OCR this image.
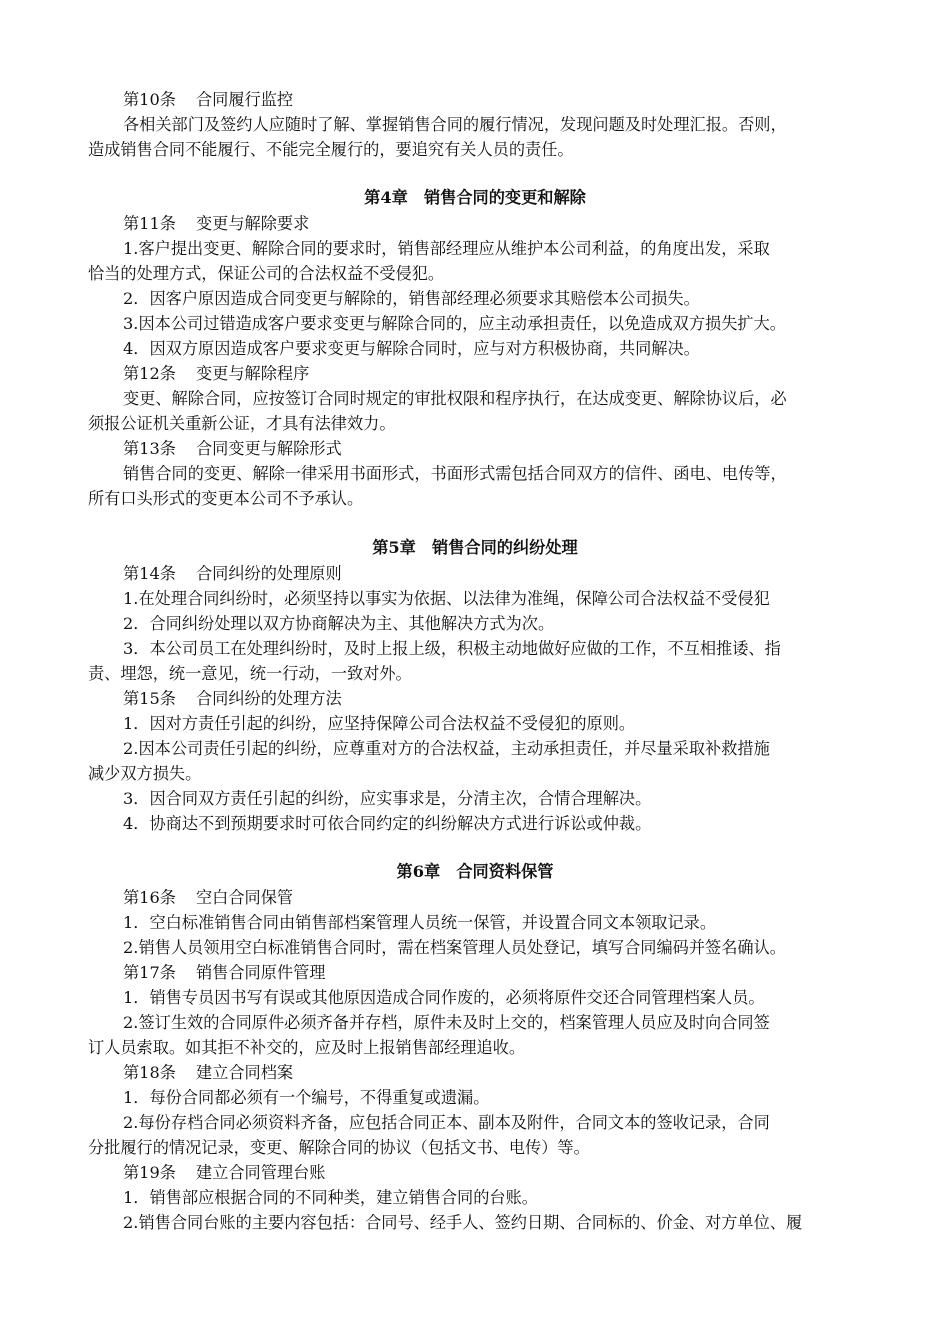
第10条 合同履行监控
各相关部门及签约人应随时了解、掌握销售合同的履行情况，发现问题及时处理汇报。否则，
造成销售合同不能履行、不能完全履行的，要追究有关人员的责任。
第4章　销售合同的变更和解除
第11条 变更与解除要求
1.客户提出变更、解除合同的要求时，销售部经理应从维护本公司利益，的角度出发，采取
恰当的处理方式，保证公司的合法权益不受侵犯。
2．因客户原因造成合同变更与解除的，销售部经理必须要求其赔偿本公司损失。
3.因本公司过错造成客户要求变更与解除合同的，应主动承担责任，以免造成双方损失扩大。
4．因双方原因造成客户要求变更与解除合同时，应与对方积极协商，共同解决。
第12条 变更与解除程序
变更、解除合同，应按签订合同时规定的审批权限和程序执行，在达成变更、解除协议后，必
须报公证机关重新公证，才具有法律效力。
第13条 合同变更与解除形式
销售合同的变更、解除一律采用书面形式，书面形式需包括合同双方的信件、函电、电传等，
所有口头形式的变更本公司不予承认。
第5章　销售合同的纠纷处理
第14条 合同纠纷的处理原则
1.在处理合同纠纷时，必须坚持以事实为依据、以法律为准绳，保障公司合法权益不受侵犯
2．合同纠纷处理以双方协商解决为主、其他解决方式为次。
3．本公司员工在处理纠纷时，及时上报上级，积极主动地做好应做的工作，不互相推诿、指
责、埋怨，统一意见，统一行动，一致对外。
第15条 合同纠纷的处理方法
1．因对方责任引起的纠纷，应坚持保障公司合法权益不受侵犯的原则。
2.因本公司责任引起的纠纷，应尊重对方的合法权益，主动承担责任，并尽量采取补救措施
减少双方损失。
3．因合同双方责任引起的纠纷，应实事求是，分清主次，合情合理解决。
4．协商达不到预期要求时可依合同约定的纠纷解决方式进行诉讼或仲裁。
第6章　合同资料保管
第16条 空白合同保管
1．空白标准销售合同由销售部档案管理人员统一保管，并设置合同文本领取记录。
2.销售人员领用空白标准销售合同时，需在档案管理人员处登记，填写合同编码并签名确认。
第17条 销售合同原件管理
1．销售专员因书写有误或其他原因造成合同作废的，必须将原件交还合同管理档案人员。
2.签订生效的合同原件必须齐备并存档，原件未及时上交的，档案管理人员应及时向合同签
订人员索取。如其拒不补交的，应及时上报销售部经理追收。
第18条 建立合同档案
1．每份合同都必须有一个编号，不得重复或遗漏。
2.每份存档合同必须资料齐备，应包括合同正本、副本及附件，合同文本的签收记录，合同
分批履行的情况记录，变更、解除合同的协议（包括文书、电传）等。
第19条 建立合同管理台账
1．销售部应根据合同的不同种类，建立销售合同的台账。
2.销售合同台账的主要内容包括：合同号、经手人、签约日期、合同标的、价金、对方单位、履
